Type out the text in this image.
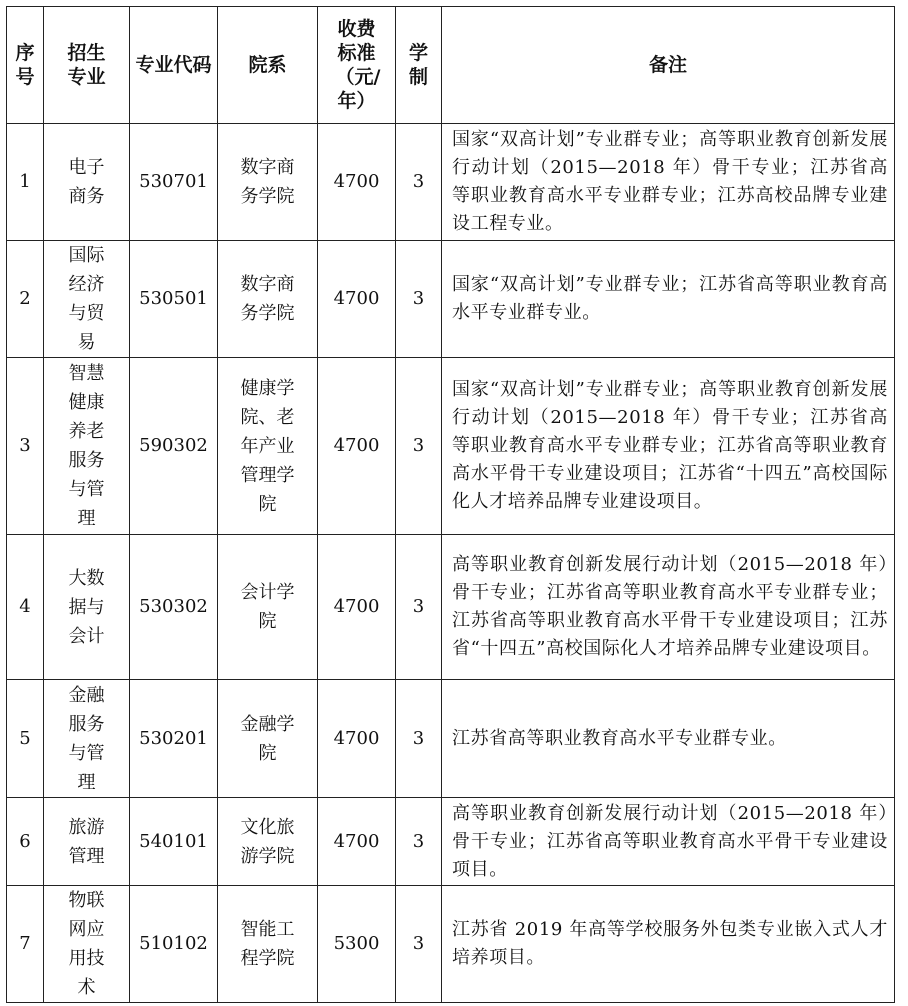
序号	招生专业	专业代码	院系	收费标准（元/年）	学制	备注
1	电子商务	530701	数字商务学院	4700	3	国家“双高计划”专业群专业；高等职业教育创新发展行动计划（2015—2018 年）骨干专业；江苏省高等职业教育高水平专业群专业；江苏高校品牌专业建设工程专业。
2	国际经济与贸易	530501	数字商务学院	4700	3	国家“双高计划”专业群专业；江苏省高等职业教育高水平专业群专业。
3	智慧健康养老服务与管理	590302	健康学院、老年产业管理学院	4700	3	国家“双高计划”专业群专业；高等职业教育创新发展行动计划（2015—2018 年）骨干专业；江苏省高等职业教育高水平专业群专业；江苏省高等职业教育高水平骨干专业建设项目；江苏省“十四五”高校国际化人才培养品牌专业建设项目。
4	大数据与会计	530302	会计学院	4700	3	高等职业教育创新发展行动计划（2015—2018 年）骨干专业；江苏省高等职业教育高水平专业群专业；江苏省高等职业教育高水平骨干专业建设项目；江苏省“十四五”高校国际化人才培养品牌专业建设项目。
5	金融服务与管理	530201	金融学院	4700	3	江苏省高等职业教育高水平专业群专业。
6	旅游管理	540101	文化旅游学院	4700	3	高等职业教育创新发展行动计划（2015—2018 年）骨干专业；江苏省高等职业教育高水平骨干专业建设项目。
7	物联网应用技术	510102	智能工程学院	5300	3	江苏省 2019 年高等学校服务外包类专业嵌入式人才培养项目。
